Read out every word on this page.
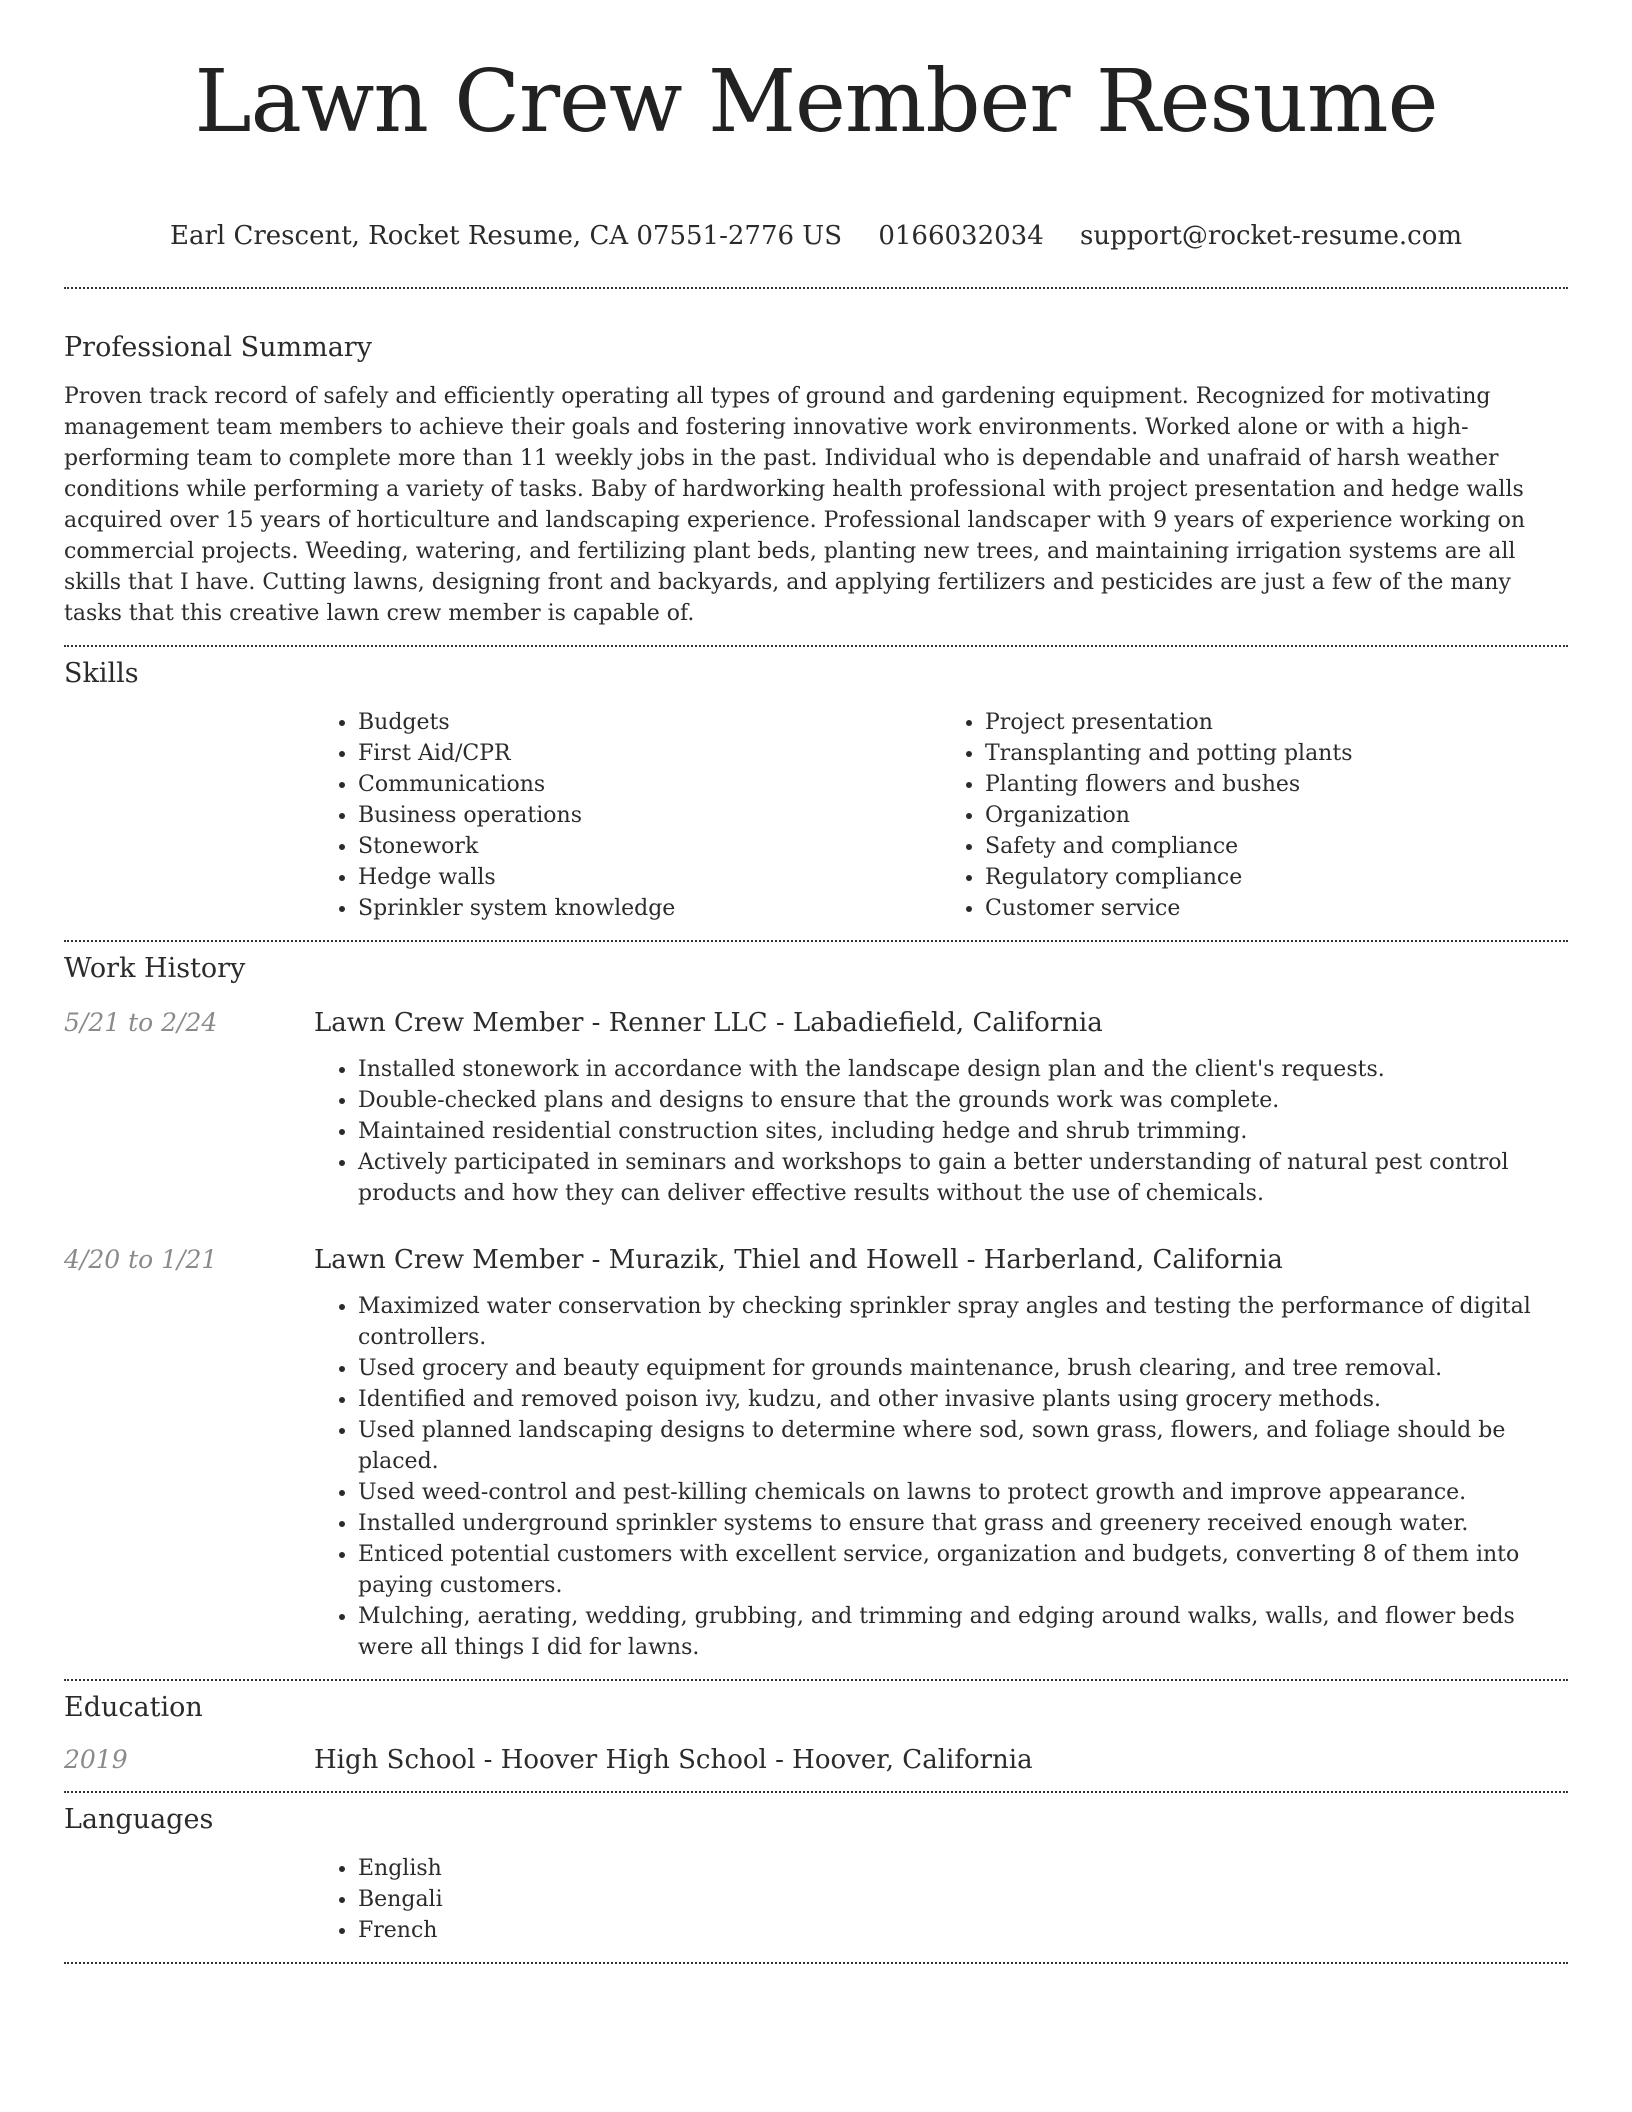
Lawn Crew Member Resume
Earl Crescent, Rocket Resume, CA 07551-2776 US 0166032034 support@rocket-resume.com
Professional Summary

Proven track record of safely and efficiently operating all types of ground and gardening equipment. Recognized for motivating management team members to achieve their goals and fostering innovative work environments. Worked alone or with a high-performing team to complete more than 11 weekly jobs in the past. Individual who is dependable and unafraid of harsh weather conditions while performing a variety of tasks. Baby of hardworking health professional with project presentation and hedge walls acquired over 15 years of horticulture and landscaping experience. Professional landscaper with 9 years of experience working on commercial projects. Weeding, watering, and fertilizing plant beds, planting new trees, and maintaining irrigation systems are all skills that I have. Cutting lawns, designing front and backyards, and applying fertilizers and pesticides are just a few of the many tasks that this creative lawn crew member is capable of.

Skills
• Budgets
• First Aid/CPR
• Communications
• Business operations
• Stonework
• Hedge walls
• Sprinkler system knowledge
• Project presentation
• Transplanting and potting plants
• Planting flowers and bushes
• Organization
• Safety and compliance
• Regulatory compliance
• Customer service
Work History
5/21 to 2/24	Lawn Crew Member - Renner LLC - Labadiefield, California
• Installed stonework in accordance with the landscape design plan and the client's requests.
• Double-checked plans and designs to ensure that the grounds work was complete.
• Maintained residential construction sites, including hedge and shrub trimming.
• Actively participated in seminars and workshops to gain a better understanding of natural pest control products and how they can deliver effective results without the use of chemicals.
4/20 to 1/21	Lawn Crew Member - Murazik, Thiel and Howell - Harberland, California
• Maximized water conservation by checking sprinkler spray angles and testing the performance of digital controllers.
• Used grocery and beauty equipment for grounds maintenance, brush clearing, and tree removal.
• Identified and removed poison ivy, kudzu, and other invasive plants using grocery methods.
• Used planned landscaping designs to determine where sod, sown grass, flowers, and foliage should be placed.
• Used weed-control and pest-killing chemicals on lawns to protect growth and improve appearance.
• Installed underground sprinkler systems to ensure that grass and greenery received enough water.
• Enticed potential customers with excellent service, organization and budgets, converting 8 of them into paying customers.
• Mulching, aerating, wedding, grubbing, and trimming and edging around walks, walls, and flower beds were all things I did for lawns.
Education
2019	High School - Hoover High School - Hoover, California
Languages
• English
• Bengali
• French
